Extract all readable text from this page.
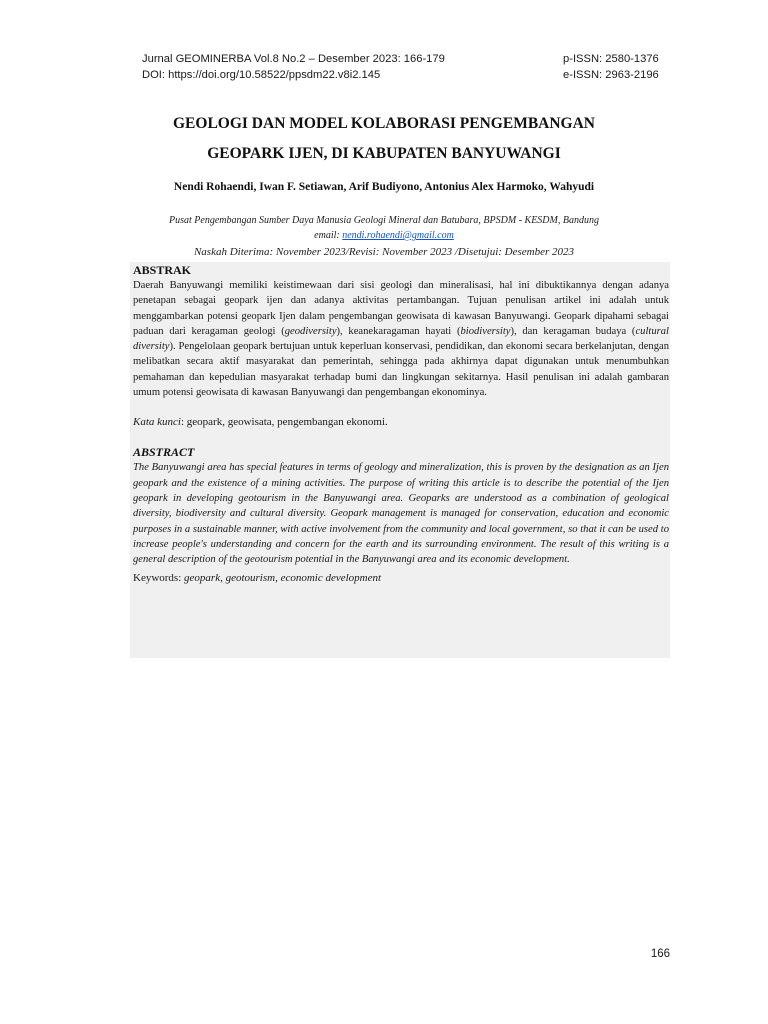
Jurnal GEOMINERBA Vol.8 No.2 – Desember 2023: 166-179
DOI: https://doi.org/10.58522/ppsdm22.v8i2.145
p-ISSN: 2580-1376
e-ISSN: 2963-2196
GEOLOGI DAN MODEL KOLABORASI PENGEMBANGAN
GEOPARK IJEN, DI KABUPATEN BANYUWANGI
Nendi Rohaendi, Iwan F. Setiawan, Arif Budiyono, Antonius Alex Harmoko, Wahyudi
Pusat Pengembangan Sumber Daya Manusia Geologi Mineral dan Batubara, BPSDM - KESDM, Bandung
email: nendi.rohaendi@gmail.com
Naskah Diterima: November 2023/Revisi: November 2023 /Disetujui: Desember 2023
ABSTRAK

Daerah Banyuwangi memiliki keistimewaan dari sisi geologi dan mineralisasi, hal ini dibuktikannya dengan adanya penetapan sebagai geopark ijen dan adanya aktivitas pertambangan. Tujuan penulisan artikel ini adalah untuk menggambarkan potensi geopark Ijen dalam pengembangan geowisata di kawasan Banyuwangi. Geopark dipahami sebagai paduan dari keragaman geologi (geodiversity), keanekaragaman hayati (biodiversity), dan keragaman budaya (cultural diversity). Pengelolaan geopark bertujuan untuk keperluan konservasi, pendidikan, dan ekonomi secara berkelanjutan, dengan melibatkan secara aktif masyarakat dan pemerintah, sehingga pada akhirnya dapat digunakan untuk menumbuhkan pemahaman dan kepedulian masyarakat terhadap bumi dan lingkungan sekitarnya. Hasil penulisan ini adalah gambaran umum potensi geowisata di kawasan Banyuwangi dan pengembangan ekonominya.

Kata kunci: geopark, geowisata, pengembangan ekonomi.
ABSTRACT

The Banyuwangi area has special features in terms of geology and mineralization, this is proven by the designation as an Ijen geopark and the existence of a mining activities. The purpose of writing this article is to describe the potential of the Ijen geopark in developing geotourism in the Banyuwangi area. Geoparks are understood as a combination of geological diversity, biodiversity and cultural diversity. Geopark management is managed for conservation, education and economic purposes in a sustainable manner, with active involvement from the community and local government, so that it can be used to increase people's understanding and concern for the earth and its surrounding environment. The result of this writing is a general description of the geotourism potential in the Banyuwangi area and its economic development.

Keywords: geopark, geotourism, economic development
166
